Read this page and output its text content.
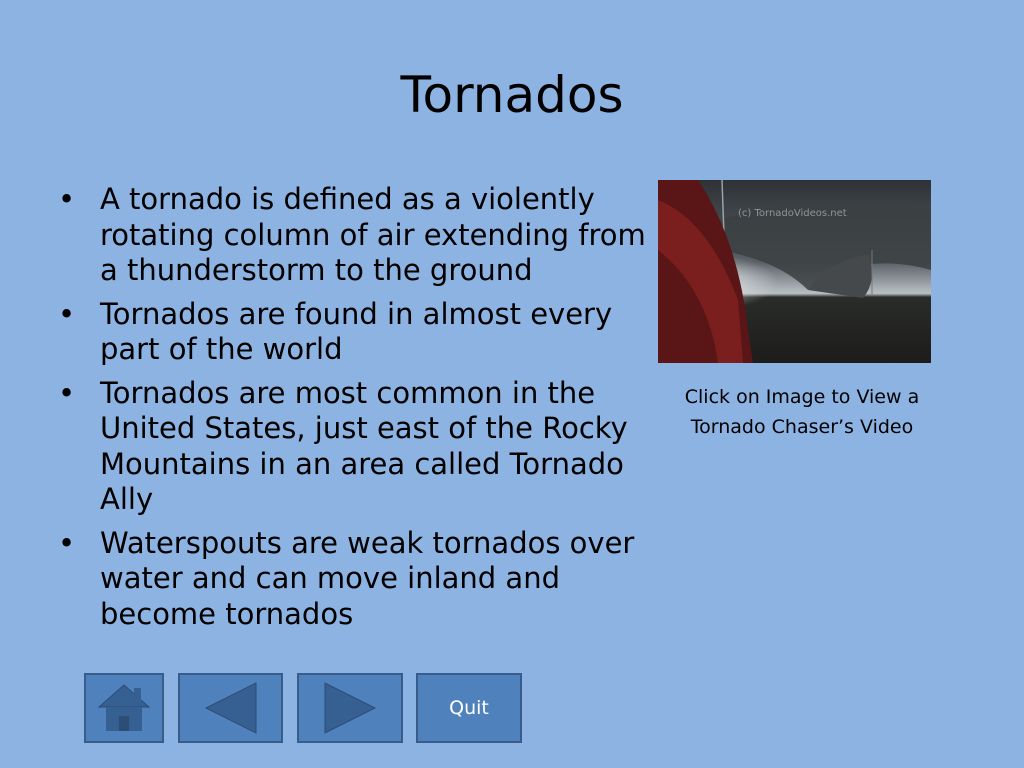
Tornados
• A tornado is defined as a violently rotating column of air extending from a thunderstorm to the ground
• Tornados are found in almost every part of the world
• Tornados are most common in the United States, just east of the Rocky Mountains in an area called Tornado Ally
• Waterspouts are weak tornados over water and can move inland and become tornados
(c) TornadoVideos.net

Click on Image to View a Tornado Chaser’s Video

Quit
